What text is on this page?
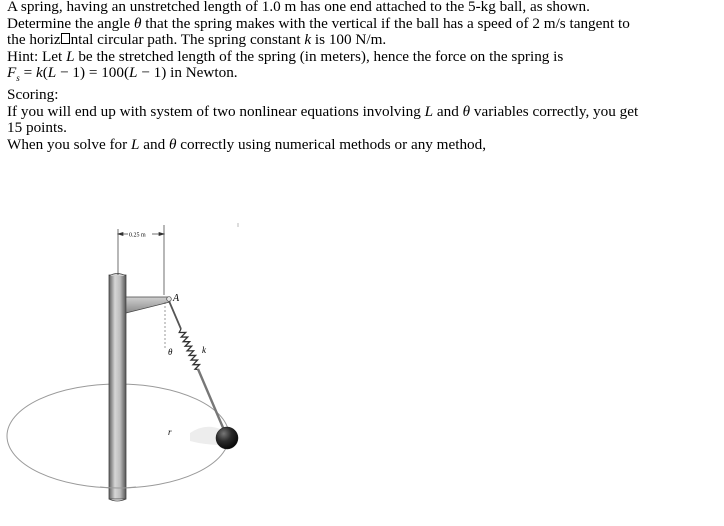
A spring, having an unstretched length of 1.0 m has one end attached to the 5-kg ball, as shown.
Determine the angle θ that the spring makes with the vertical if the ball has a speed of 2 m/s tangent to
the horiz ntal circular path. The spring constant k is 100 N/m.
Hint: Let L be the stretched length of the spring (in meters), hence the force on the spring is
$F_s = k(L - 1) = 100(L - 1)$ in Newton.
Scoring:
If you will end up with system of two nonlinear equations involving L and θ variables correctly, you get
15 points.
When you solve for L and θ correctly using numerical methods or any method,
0.25 m
A
θ	k
r
